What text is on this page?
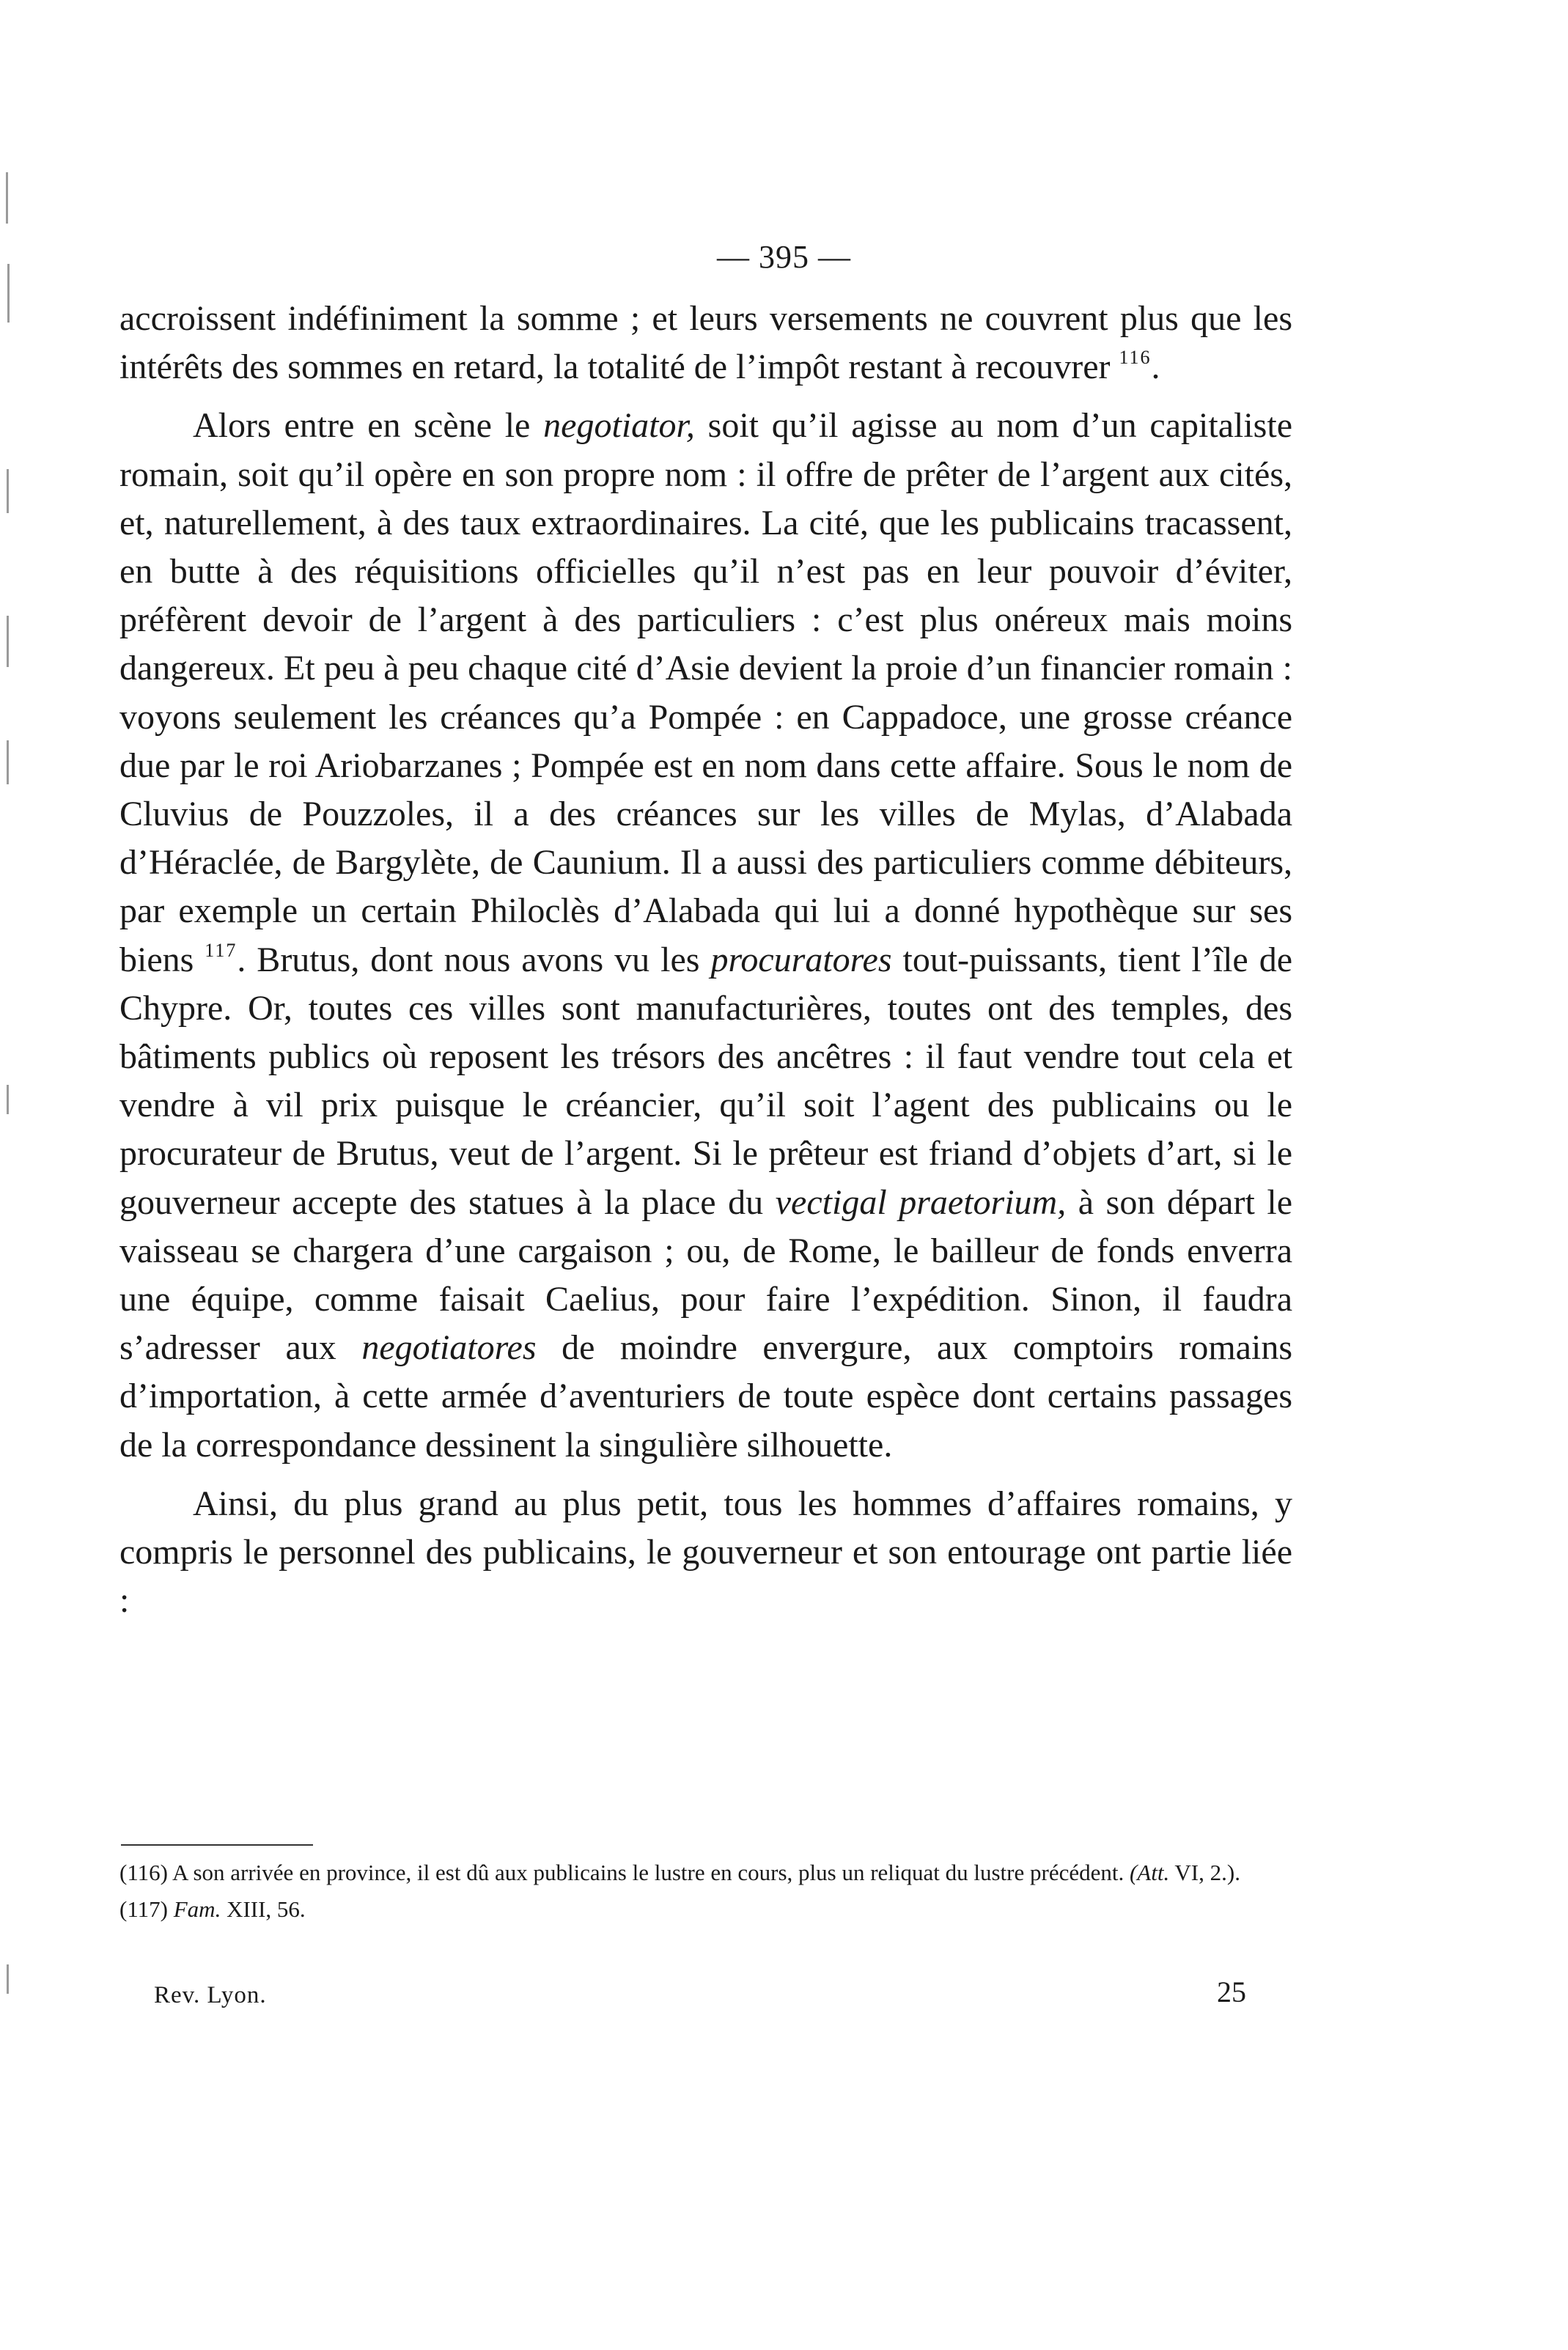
— 395 —

accroissent indéfiniment la somme ; et leurs versements ne couvrent plus que les intérêts des sommes en retard, la totalité de l’impôt restant à recouvrer $^{116}$.

Alors entre en scène le negotiator, soit qu’il agisse au nom d’un capitaliste romain, soit qu’il opère en son propre nom : il offre de prêter de l’argent aux cités, et, naturellement, à des taux extraordinaires. La cité, que les publicains tracassent, en butte à des réquisitions officielles qu’il n’est pas en leur pouvoir d’éviter, préfèrent devoir de l’argent à des particuliers : c’est plus onéreux mais moins dangereux. Et peu à peu chaque cité d’Asie devient la proie d’un financier romain : voyons seulement les créances qu’a Pompée : en Cappadoce, une grosse créance due par le roi Ariobarzanes ; Pompée est en nom dans cette affaire. Sous le nom de Cluvius de Pouzzoles, il a des créances sur les villes de Mylas, d’Alabada d’Héraclée, de Bargylète, de Caunium. Il a aussi des particuliers comme débiteurs, par exemple un certain Philoclès d’Alabada qui lui a donné hypothèque sur ses biens $^{117}$. Brutus, dont nous avons vu les procuratores tout-puissants, tient l’île de Chypre. Or, toutes ces villes sont manufacturières, toutes ont des temples, des bâtiments publics où reposent les trésors des ancêtres : il faut vendre tout cela et vendre à vil prix puisque le créancier, qu’il soit l’agent des publicains ou le procurateur de Brutus, veut de l’argent. Si le prêteur est friand d’objets d’art, si le gouverneur accepte des statues à la place du vectigal praetorium, à son départ le vaisseau se chargera d’une cargaison ; ou, de Rome, le bailleur de fonds enverra une équipe, comme faisait Caelius, pour faire l’expédition. Sinon, il faudra s’adresser aux negotiatores de moindre envergure, aux comptoirs romains d’importation, à cette armée d’aventuriers de toute espèce dont certains passages de la correspondance dessinent la singulière silhouette.

Ainsi, du plus grand au plus petit, tous les hommes d’affaires romains, y compris le personnel des publicains, le gouverneur et son entourage ont partie liée :

(116) A son arrivée en province, il est dû aux publicains le lustre en cours, plus un reliquat du lustre précédent. (Att. VI, 2.).

(117) Fam. XIII, 56.

Rev. Lyon.	25
